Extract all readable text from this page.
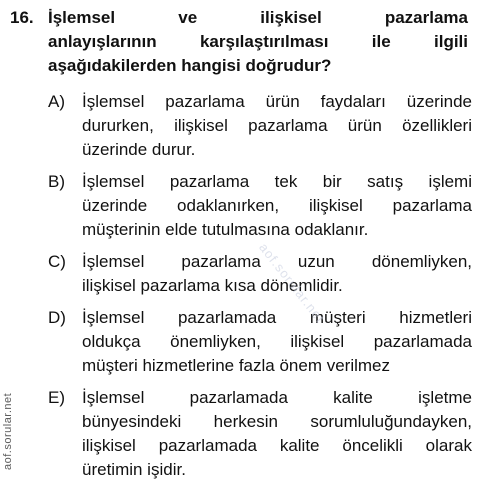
16. İşlemsel ve ilişkisel pazarlama
anlayışlarının karşılaştırılması ile ilgili
aşağıdakilerden hangisi doğrudur?
A) İşlemsel pazarlama ürün faydaları üzerinde
dururken, ilişkisel pazarlama ürün özellikleri
üzerinde durur.
B) İşlemsel pazarlama tek bir satış işlemi
üzerinde odaklanırken, ilişkisel pazarlama
müşterinin elde tutulmasına odaklanır.
C) İşlemsel pazarlama uzun dönemliyken,
ilişkisel pazarlama kısa dönemlidir.
D) İşlemsel pazarlamada müşteri hizmetleri
oldukça önemliyken, ilişkisel pazarlamada
müşteri hizmetlerine fazla önem verilmez
E) İşlemsel pazarlamada kalite işletme
bünyesindeki herkesin sorumluluğundayken,
ilişkisel pazarlamada kalite öncelikli olarak
üretimin işidir.
aof.sorular.net
aof.sorular.net
